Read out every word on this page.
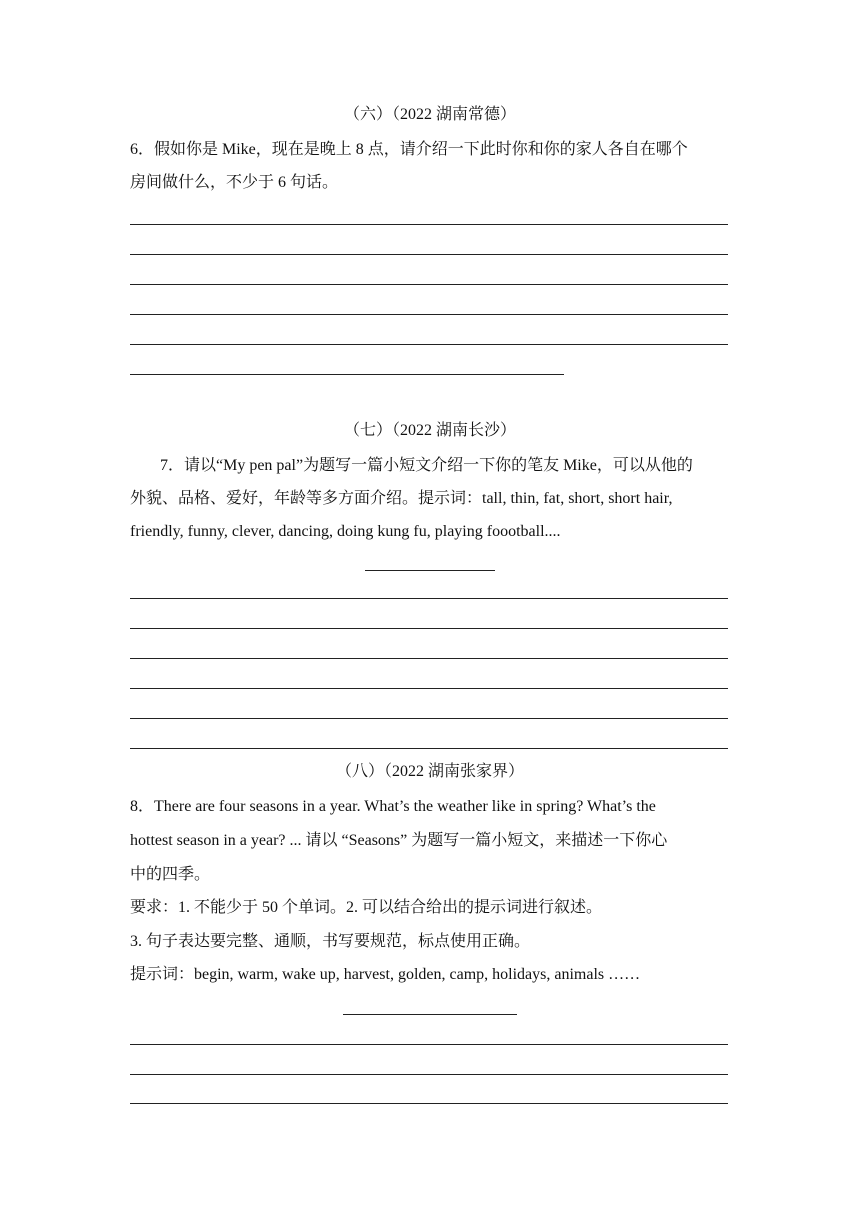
（六）（2022 湖南常德）
6．假如你是 Mike，现在是晚上 8 点，请介绍一下此时你和你的家人各自在哪个
房间做什么，不少于 6 句话。
（七）（2022 湖南长沙）
7．请以“My pen pal”为题写一篇小短文介绍一下你的笔友 Mike，可以从他的
外貌、品格、爱好，年龄等多方面介绍。提示词：tall, thin, fat, short, short hair,
friendly, funny, clever, dancing, doing kung fu, playing foootball....
（八）（2022 湖南张家界）
8．There are four seasons in a year. What’s the weather like in spring? What’s the
hottest season in a year? ... 请以 “Seasons” 为题写一篇小短文，来描述一下你心
中的四季。
要求：1. 不能少于 50 个单词。2. 可以结合给出的提示词进行叙述。
3. 句子表达要完整、通顺，书写要规范，标点使用正确。
提示词：begin, warm, wake up, harvest, golden, camp, holidays, animals ……
